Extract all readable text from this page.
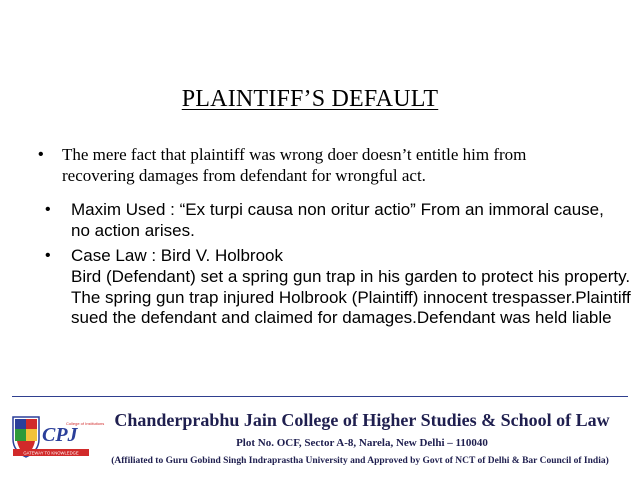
PLAINTIFF’S DEFAULT
• The mere fact that plaintiff was wrong doer doesn’t entitle him from recovering damages from defendant for wrongful act.
• Maxim Used : “Ex turpi causa non oritur actio” From an immoral cause, no action arises.
• Case Law : Bird V. Holbrook
Bird (Defendant) set a spring gun trap in his garden to protect his property. The spring gun trap injured Holbrook (Plaintiff) innocent trespasser.Plaintiff sued the defendant and claimed for damages.Defendant was held liable
CPJ
College of Institutions
GATEWAY TO KNOWLEDGE
Chanderprabhu Jain College of Higher Studies & School of Law
Plot No. OCF, Sector A-8, Narela, New Delhi – 110040
(Affiliated to Guru Gobind Singh Indraprastha University and Approved by Govt of NCT of Delhi & Bar Council of India)
